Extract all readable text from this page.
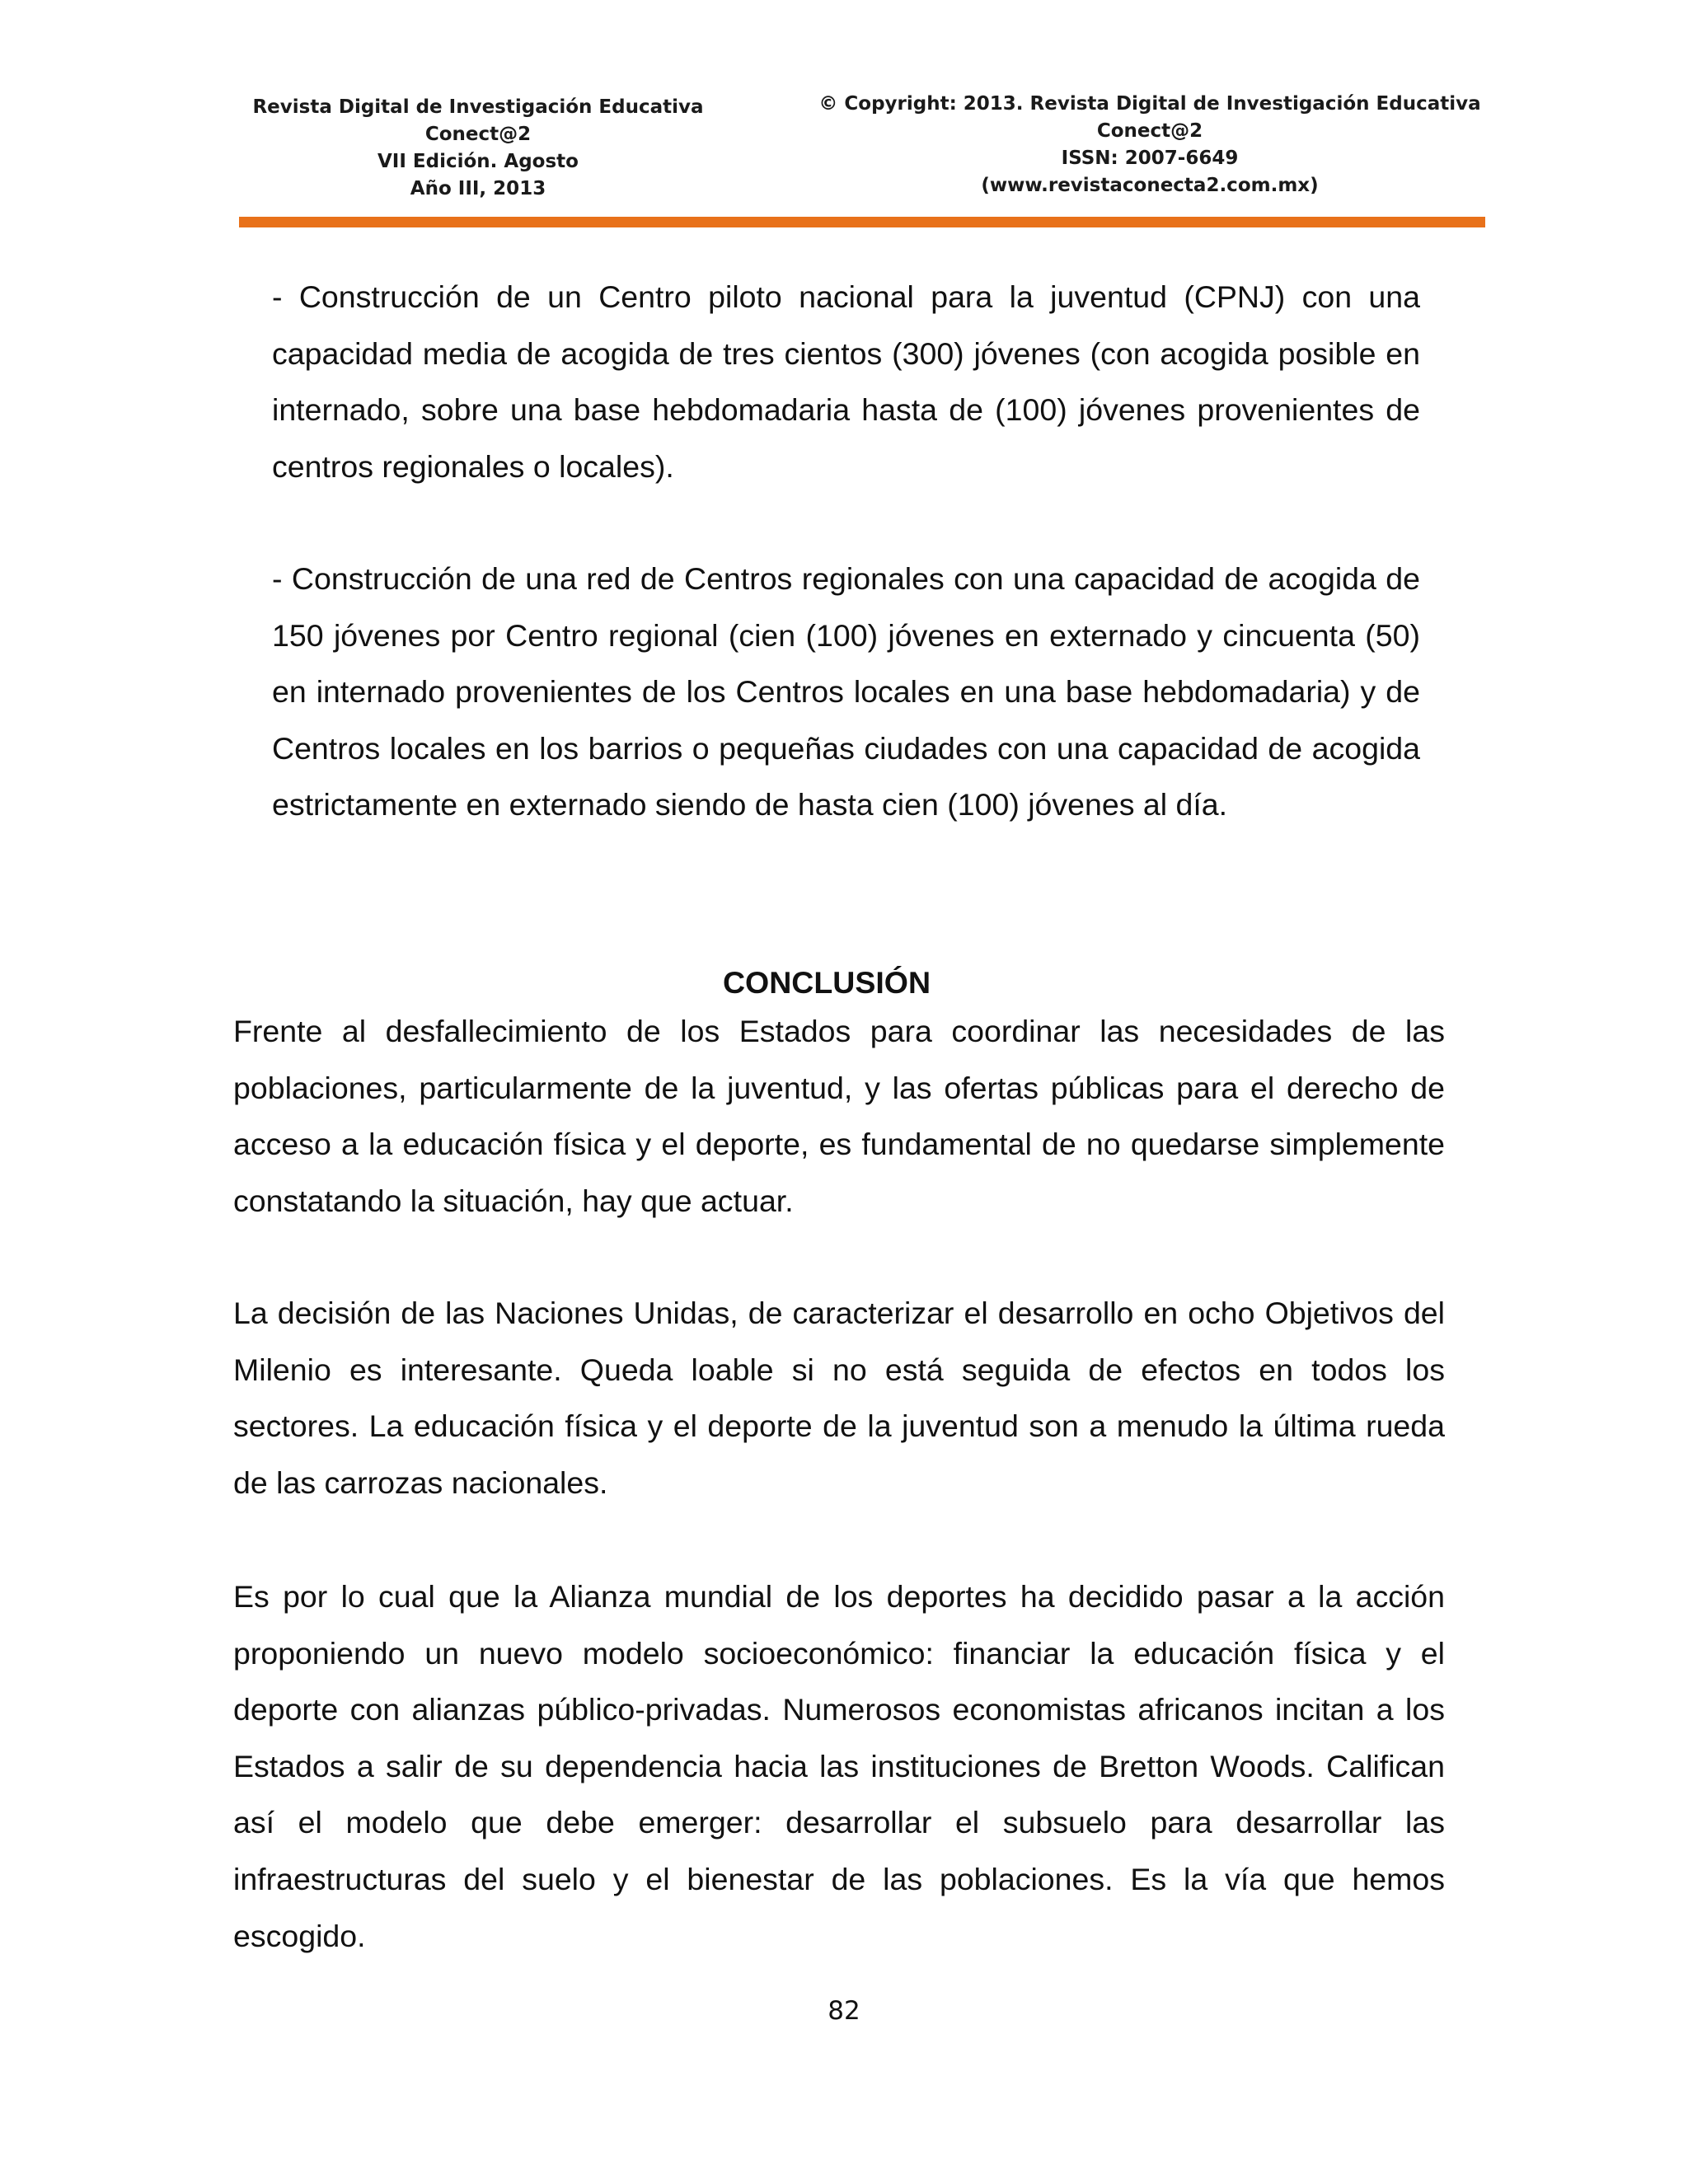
Revista Digital de Investigación Educativa
Conect@2
VII Edición. Agosto
Año III, 2013
© Copyright: 2013. Revista Digital de Investigación Educativa
Conect@2
ISSN: 2007-6649
(www.revistaconecta2.com.mx)

- Construcción de un Centro piloto nacional para la juventud (CPNJ) con una capacidad media de acogida de tres cientos (300) jóvenes (con acogida posible en internado, sobre una base hebdomadaria hasta de (100) jóvenes provenientes de centros regionales o locales).

- Construcción de una red de Centros regionales con una capacidad de acogida de 150 jóvenes por Centro regional (cien (100) jóvenes en externado y cincuenta (50) en internado provenientes de los Centros locales en una base hebdomadaria) y de Centros locales en los barrios o pequeñas ciudades con una capacidad de acogida estrictamente en externado siendo de hasta cien (100) jóvenes al día.

CONCLUSIÓN

Frente al desfallecimiento de los Estados para coordinar las necesidades de las poblaciones, particularmente de la juventud, y las ofertas públicas para el derecho de acceso a la educación física y el deporte, es fundamental de no quedarse simplemente constatando la situación, hay que actuar.

La decisión de las Naciones Unidas, de caracterizar el desarrollo en ocho Objetivos del Milenio es interesante. Queda loable si no está seguida de efectos en todos los sectores. La educación física y el deporte de la juventud son a menudo la última rueda de las carrozas nacionales.

Es por lo cual que la Alianza mundial de los deportes ha decidido pasar a la acción proponiendo un nuevo modelo socioeconómico: financiar la educación física y el deporte con alianzas público-privadas. Numerosos economistas africanos incitan a los Estados a salir de su dependencia hacia las instituciones de Bretton Woods. Califican así el modelo que debe emerger: desarrollar el subsuelo para desarrollar las infraestructuras del suelo y el bienestar de las poblaciones. Es la vía que hemos escogido.

82
